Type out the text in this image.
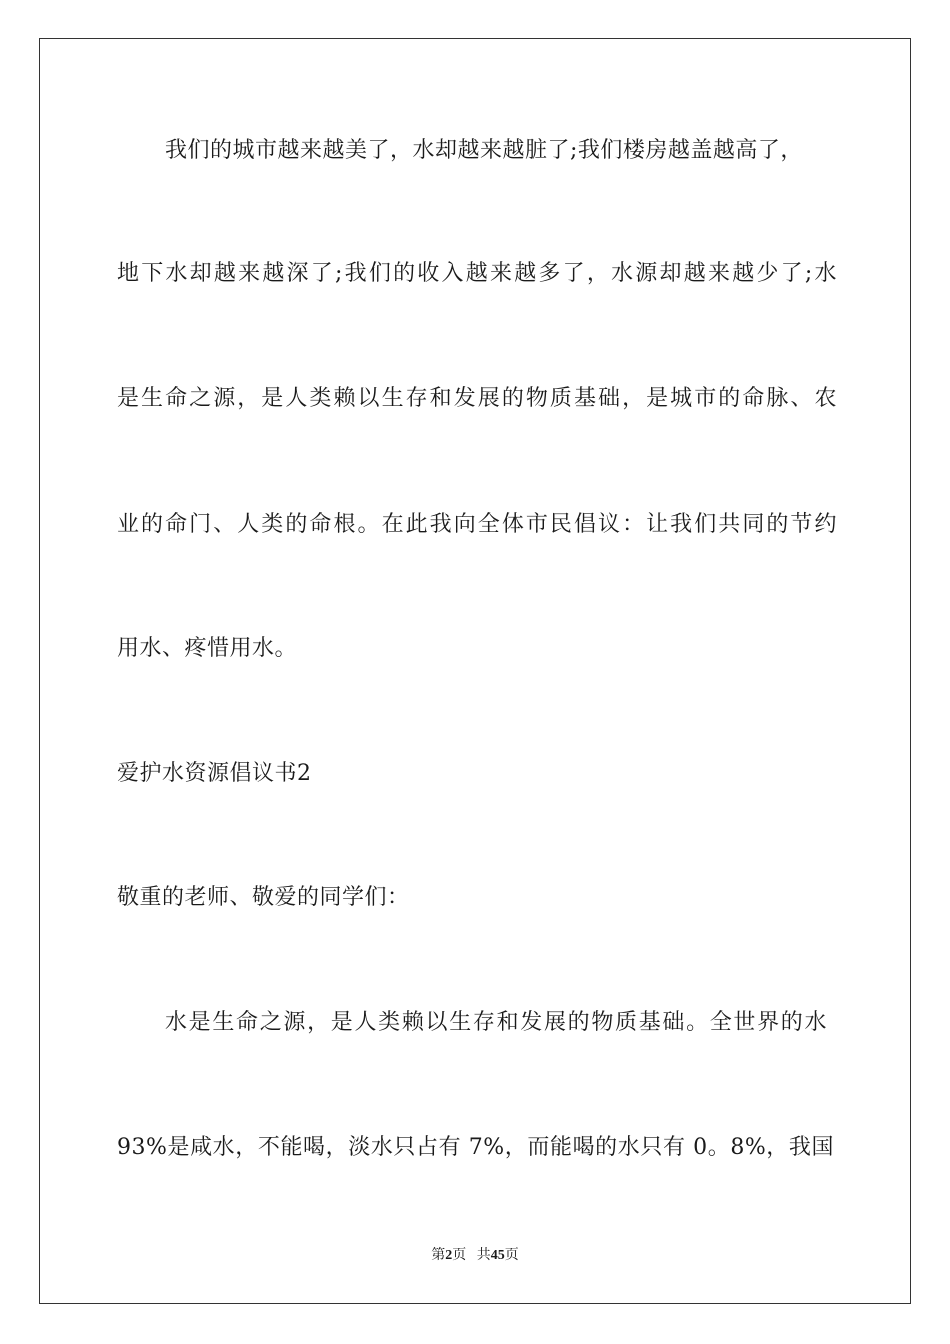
我们的城市越来越美了，水却越来越脏了;我们楼房越盖越高了，
地下水却越来越深了;我们的收入越来越多了，水源却越来越少了;水
是生命之源，是人类赖以生存和发展的物质基础，是城市的命脉、农
业的命门、人类的命根。在此我向全体市民倡议：让我们共同的节约
用水、疼惜用水。
爱护水资源倡议书2
敬重的老师、敬爱的同学们：
水是生命之源，是人类赖以生存和发展的物质基础。全世界的水
93%是咸水，不能喝，淡水只占有 7%，而能喝的水只有 0。8%，我国
第2页 共45页
